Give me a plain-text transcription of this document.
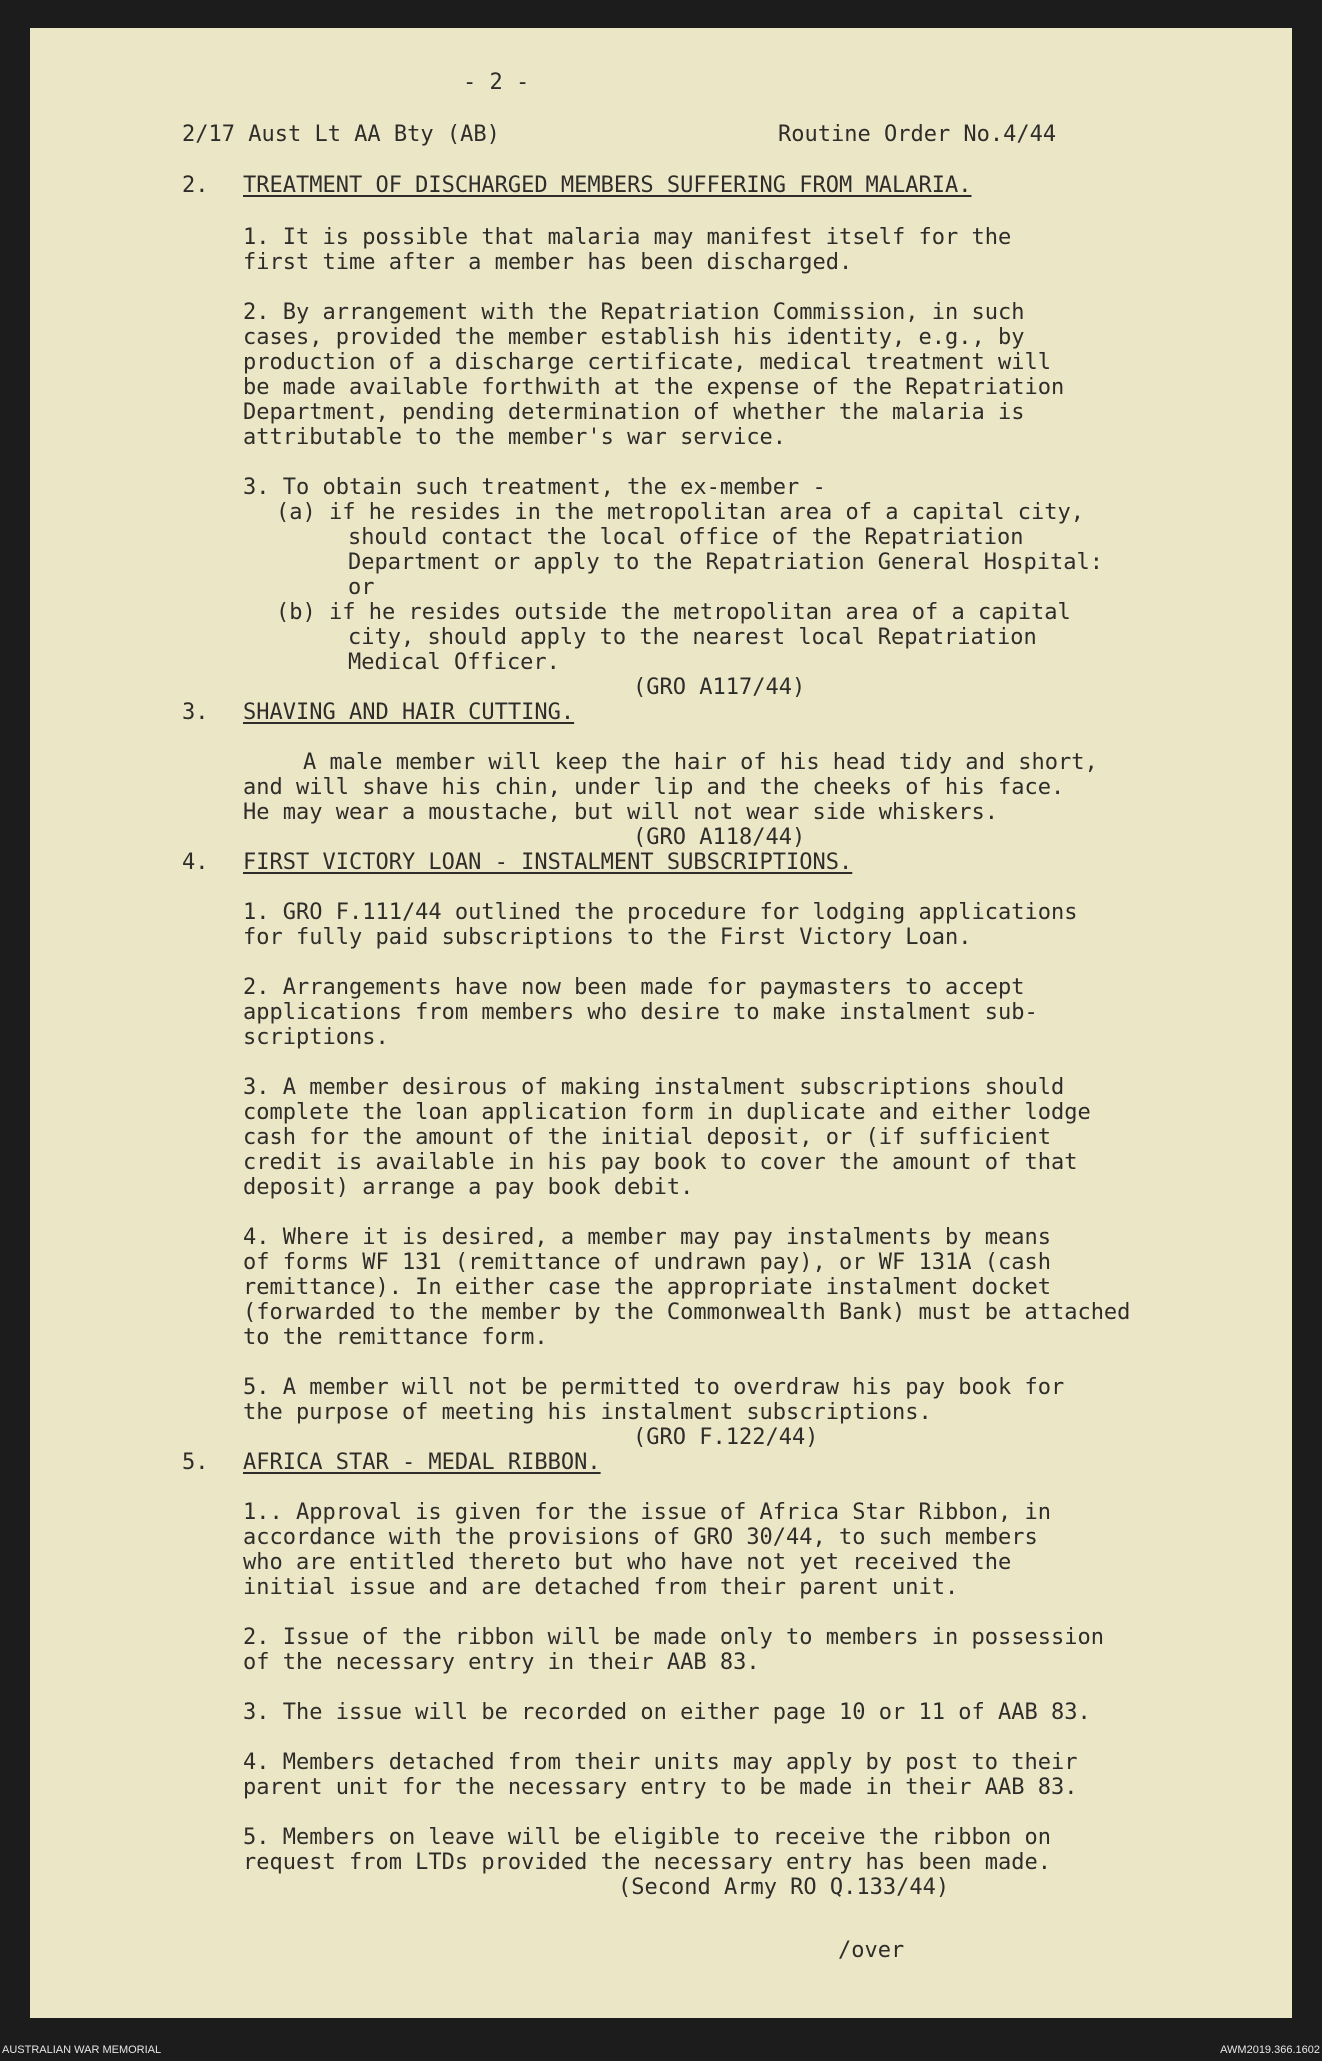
- 2 -
2/17 Aust Lt AA Bty (AB)	Routine Order No.4/44
2. TREATMENT OF DISCHARGED MEMBERS SUFFERING FROM MALARIA.
1. It is possible that malaria may manifest itself for the
first time after a member has been discharged.
2. By arrangement with the Repatriation Commission, in such
cases, provided the member establish his identity, e.g., by
production of a discharge certificate, medical treatment will
be made available forthwith at the expense of the Repatriation
Department, pending determination of whether the malaria is
attributable to the member's war service.
3. To obtain such treatment, the ex-member -
(a) if he resides in the metropolitan area of a capital city,
should contact the local office of the Repatriation
Department or apply to the Repatriation General Hospital:
or
(b) if he resides outside the metropolitan area of a capital
city, should apply to the nearest local Repatriation
Medical Officer.
(GRO A117/44)
3. SHAVING AND HAIR CUTTING.
A male member will keep the hair of his head tidy and short,
and will shave his chin, under lip and the cheeks of his face.
He may wear a moustache, but will not wear side whiskers.
(GRO A118/44)
4. FIRST VICTORY LOAN - INSTALMENT SUBSCRIPTIONS.
1. GRO F.111/44 outlined the procedure for lodging applications
for fully paid subscriptions to the First Victory Loan.
2. Arrangements have now been made for paymasters to accept
applications from members who desire to make instalment sub-
scriptions.
3. A member desirous of making instalment subscriptions should
complete the loan application form in duplicate and either lodge
cash for the amount of the initial deposit, or (if sufficient
credit is available in his pay book to cover the amount of that
deposit) arrange a pay book debit.
4. Where it is desired, a member may pay instalments by means
of forms WF 131 (remittance of undrawn pay), or WF 131A (cash
remittance). In either case the appropriate instalment docket
(forwarded to the member by the Commonwealth Bank) must be attached
to the remittance form.
5. A member will not be permitted to overdraw his pay book for
the purpose of meeting his instalment subscriptions.
(GRO F.122/44)
5. AFRICA STAR - MEDAL RIBBON.
1.. Approval is given for the issue of Africa Star Ribbon, in
accordance with the provisions of GRO 30/44, to such members
who are entitled thereto but who have not yet received the
initial issue and are detached from their parent unit.
2. Issue of the ribbon will be made only to members in possession
of the necessary entry in their AAB 83.
3. The issue will be recorded on either page 10 or 11 of AAB 83.
4. Members detached from their units may apply by post to their
parent unit for the necessary entry to be made in their AAB 83.
5. Members on leave will be eligible to receive the ribbon on
request from LTDs provided the necessary entry has been made.
(Second Army RO Q.133/44)
/over
AUSTRALIAN WAR MEMORIAL	AWM2019.366.1602
